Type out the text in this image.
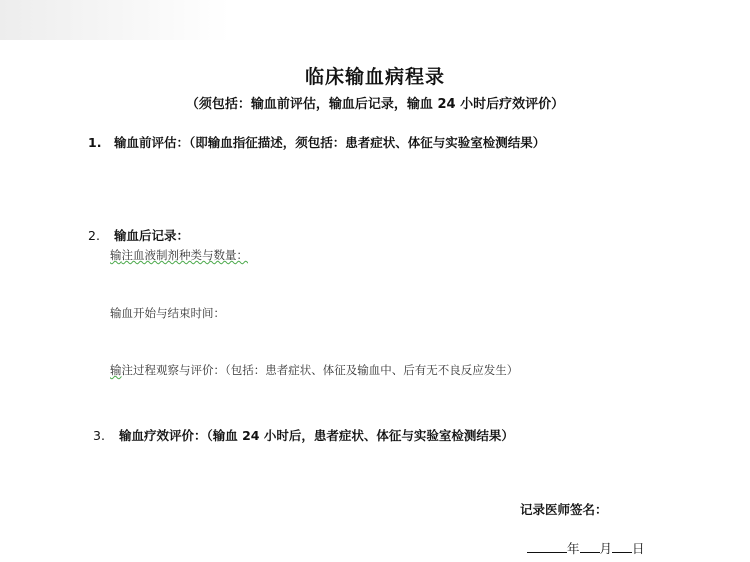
临床输血病程录
（须包括：输血前评估，输血后记录，输血 24 小时后疗效评价）
1. 输血前评估：（即输血指征描述，须包括：患者症状、体征与实验室检测结果）
2. 输血后记录：
输注血液制剂种类与数量：
输血开始与结束时间：
输注过程观察与评价：（包括：患者症状、体征及输血中、后有无不良反应发生）
3. 输血疗效评价：（输血 24 小时后，患者症状、体征与实验室检测结果）
记录医师签名：
年 月 日
